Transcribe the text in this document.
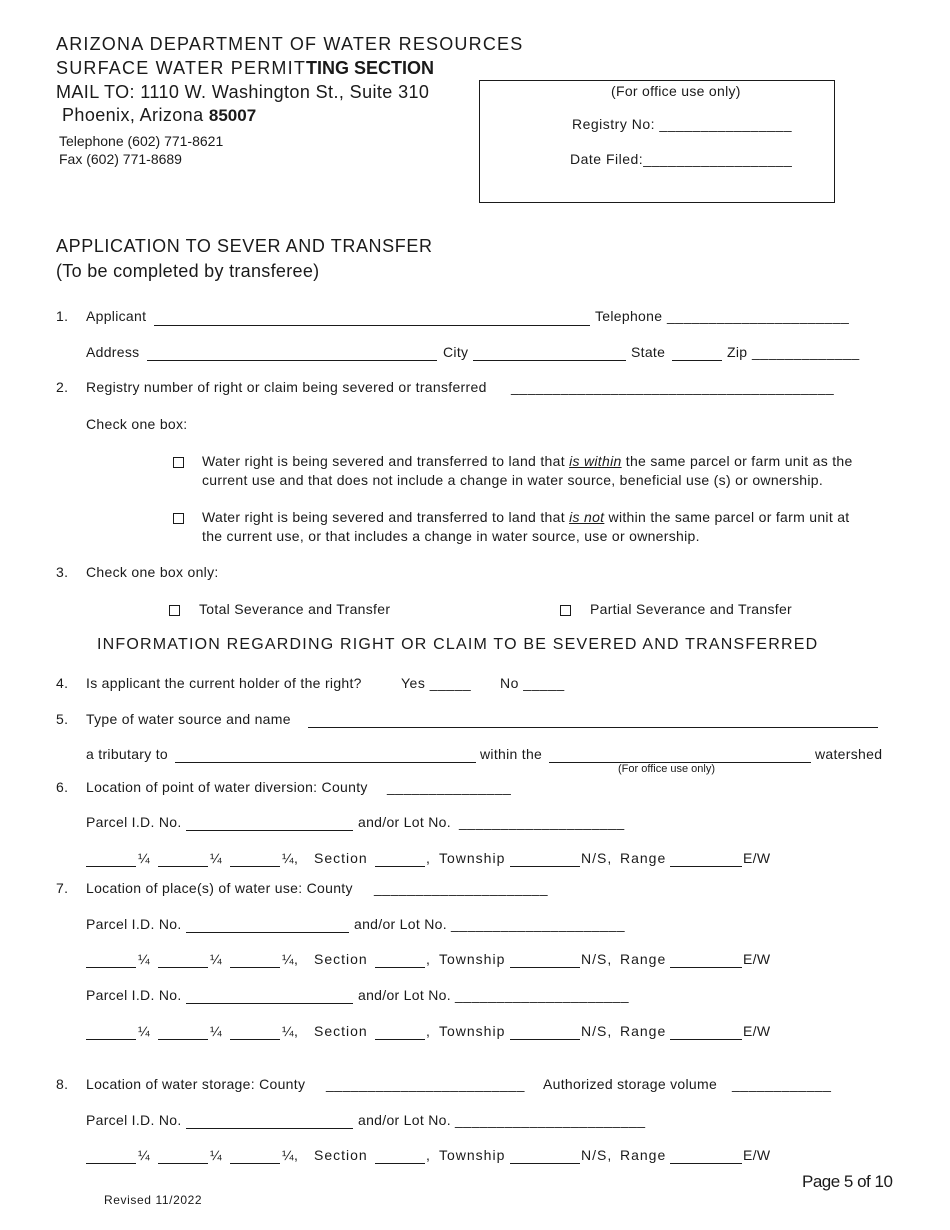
ARIZONA DEPARTMENT OF WATER RESOURCES
SURFACE WATER PERMITTING SECTION
MAIL TO: 1110 W. Washington St., Suite 310
Phoenix, Arizona 85007
Telephone (602) 771-8621
Fax (602) 771-8689
(For office use only)
Registry No: ________________
Date Filed:__________________
APPLICATION TO SEVER AND TRANSFER
(To be completed by transferee)
1. Applicant	Telephone ______________________
Address	City	State	Zip _____________
2. Registry number of right or claim being severed or transferred _______________________________________
Check one box:
Water right is being severed and transferred to land that is within the same parcel or farm unit as the
current use and that does not include a change in water source, beneficial use (s) or ownership.
Water right is being severed and transferred to land that is not within the same parcel or farm unit at
the current use, or that includes a change in water source, use or ownership.
3. Check one box only:
Total Severance and Transfer	Partial Severance and Transfer
INFORMATION REGARDING RIGHT OR CLAIM TO BE SEVERED AND TRANSFERRED
4. Is applicant the current holder of the right?	Yes _____ No _____
5. Type of water source and name
a tributary to	within the	watershed
(For office use only)
6. Location of point of water diversion: County _______________
Parcel I.D. No.	and/or Lot No. ____________________
¼	¼	¼, Section	, Township	N/S, Range	E/W
7. Location of place(s) of water use: County _____________________
Parcel I.D. No.	and/or Lot No. _____________________
¼	¼	¼, Section	, Township	N/S, Range	E/W
Parcel I.D. No.	and/or Lot No. _____________________
¼	¼	¼, Section	, Township	N/S, Range	E/W
8. Location of water storage: County ________________________ Authorized storage volume ____________
Parcel I.D. No.	and/or Lot No. _______________________
¼	¼	¼, Section	, Township	N/S, Range	E/W
Page 5 of 10
Revised 11/2022
